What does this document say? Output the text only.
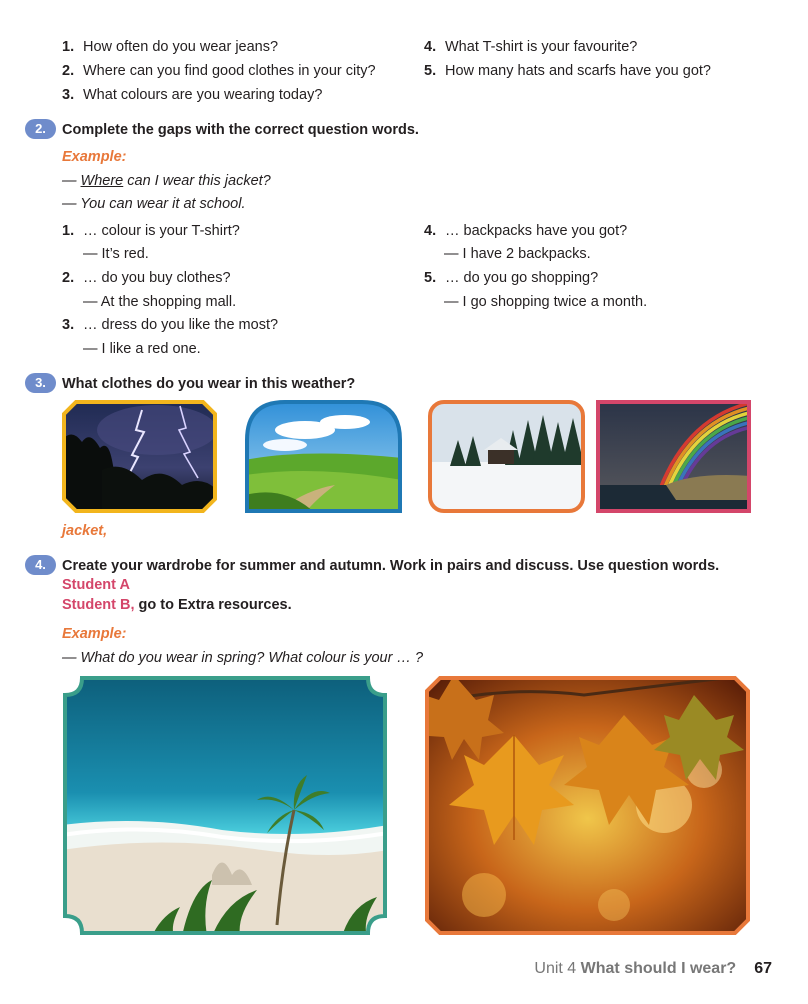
1. How often do you wear jeans?
2. Where can you find good clothes in your city?
3. What colours are you wearing today?
4. What T-shirt is your favourite?
5. How many hats and scarfs have you got?
2.	Complete the gaps with the correct question words.
Example:
— Where can I wear this jacket?
— You can wear it at school.
1. … colour is your T-shirt?
— It’s red.
2. … do you buy clothes?
— At the shopping mall.
3. … dress do you like the most?
— I like a red one.
4. … backpacks have you got?
— I have 2 backpacks.
5. … do you go shopping?
— I go shopping twice a month.
3.	What clothes do you wear in this weather?
jacket,
4.	Create your wardrobe for summer and autumn. Work in pairs and discuss. Use question words.
Student A
Student B, go to Extra resources.
Example:
— What do you wear in spring? What colour is your … ?
Unit 4 What should I wear? 67
